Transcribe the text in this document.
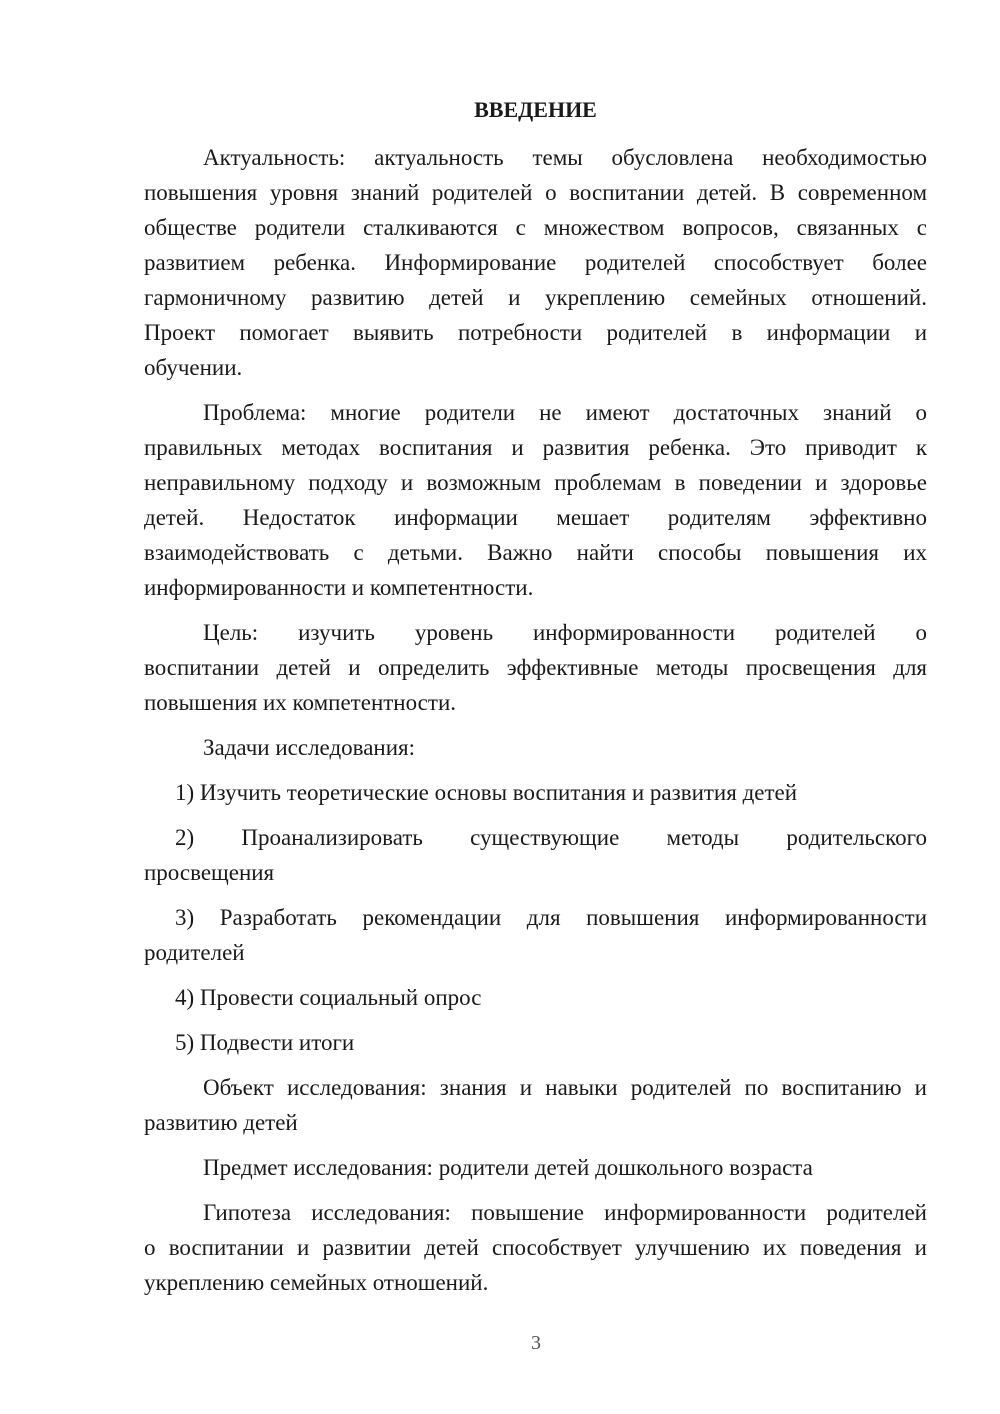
ВВЕДЕНИЕ
Актуальность: актуальность темы обусловлена необходимостью
повышения уровня знаний родителей о воспитании детей. В современном
обществе родители сталкиваются с множеством вопросов, связанных с
развитием ребенка. Информирование родителей способствует более
гармоничному развитию детей и укреплению семейных отношений.
Проект помогает выявить потребности родителей в информации и
обучении.
Проблема: многие родители не имеют достаточных знаний о
правильных методах воспитания и развития ребенка. Это приводит к
неправильному подходу и возможным проблемам в поведении и здоровье
детей. Недостаток информации мешает родителям эффективно
взаимодействовать с детьми. Важно найти способы повышения их
информированности и компетентности.
Цель: изучить уровень информированности родителей о
воспитании детей и определить эффективные методы просвещения для
повышения их компетентности.
Задачи исследования:
1) Изучить теоретические основы воспитания и развития детей
2) Проанализировать существующие методы родительского
просвещения
3) Разработать рекомендации для повышения информированности
родителей
4) Провести социальный опрос
5) Подвести итоги
Объект исследования: знания и навыки родителей по воспитанию и
развитию детей
Предмет исследования: родители детей дошкольного возраста
Гипотеза исследования: повышение информированности родителей
о воспитании и развитии детей способствует улучшению их поведения и
укреплению семейных отношений.
3
